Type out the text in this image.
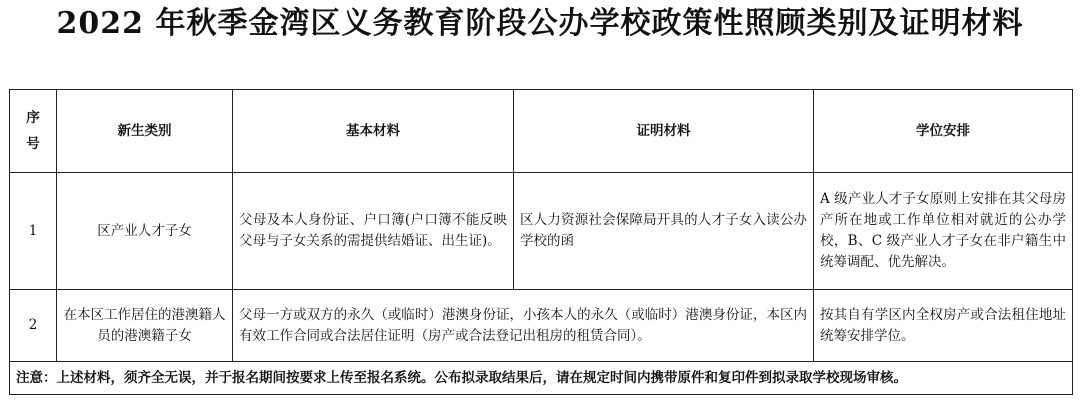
2022 年秋季金湾区义务教育阶段公办学校政策性照顾类别及证明材料
序
号	新生类别	基本材料	证明材料	学位安排
1	区产业人才子女	父母及本人身份证、户口簿(户口簿不能反映父母与子女关系的需提供结婚证、出生证)。	区人力资源社会保障局开具的人才子女入读公办学校的函	A 级产业人才子女原则上安排在其父母房产所在地或工作单位相对就近的公办学校，B、C 级产业人才子女在非户籍生中统筹调配、优先解决。
2	在本区工作居住的港澳籍人员的港澳籍子女	父母一方或双方的永久（或临时）港澳身份证，小孩本人的永久（或临时）港澳身份证，本区内有效工作合同或合法居住证明（房产或合法登记出租房的租赁合同）。		按其自有学区内全权房产或合法租住地址统筹安排学位。
注意：上述材料，须齐全无误，并于报名期间按要求上传至报名系统。公布拟录取结果后，请在规定时间内携带原件和复印件到拟录取学校现场审核。				
